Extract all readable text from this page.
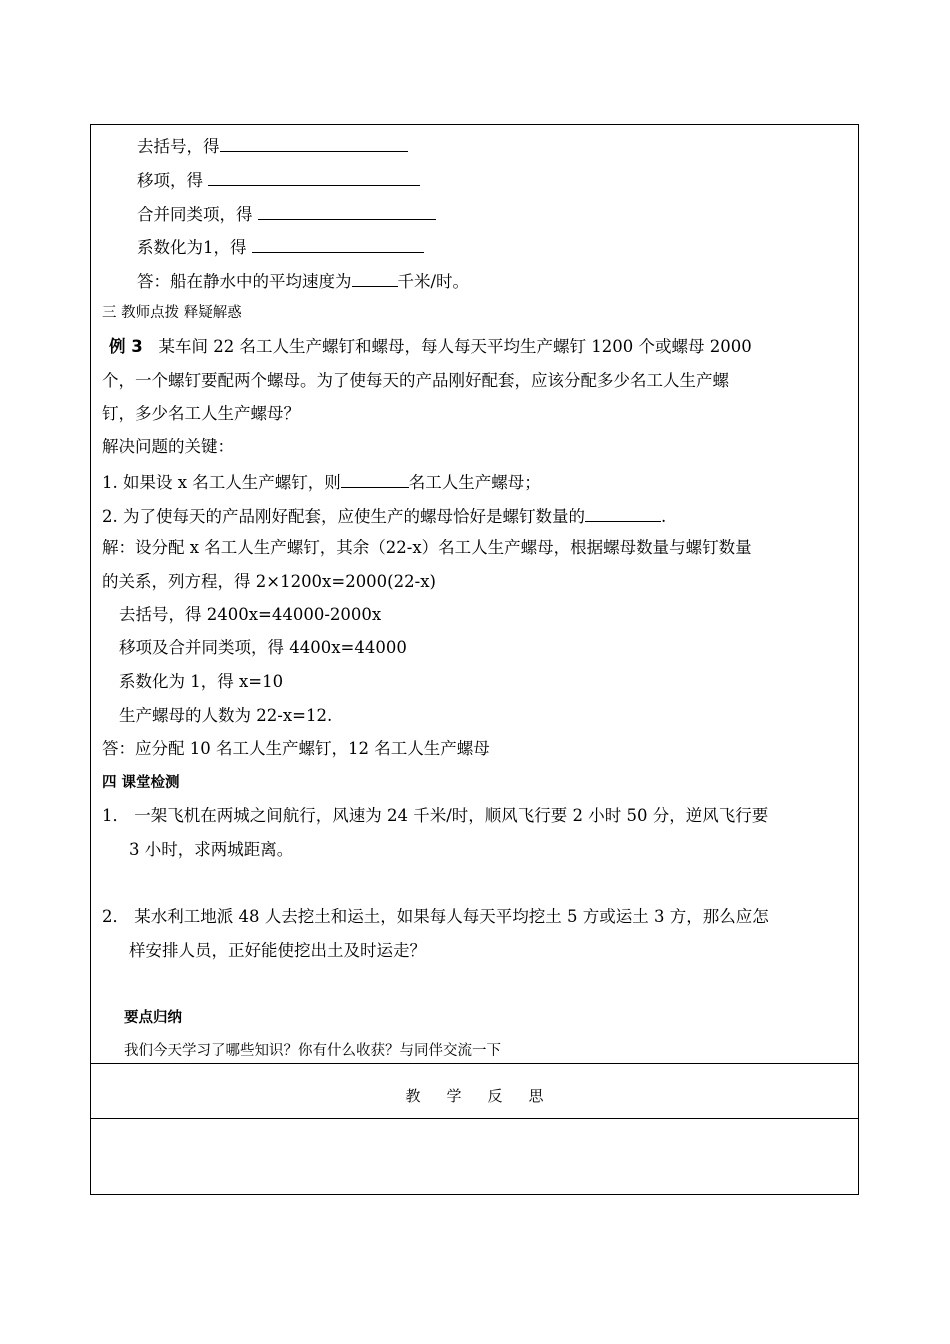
去括号，得
移项，得
合并同类项，得
系数化为1，得
答：船在静水中的平均速度为	千米/时。
三 教师点拨 释疑解惑
例 3 某车间 22 名工人生产螺钉和螺母，每人每天平均生产螺钉 1200 个或螺母 2000
个，一个螺钉要配两个螺母。为了使每天的产品刚好配套，应该分配多少名工人生产螺
钉，多少名工人生产螺母？
解决问题的关键：
1. 如果设 x 名工人生产螺钉，则	名工人生产螺母；
2. 为了使每天的产品刚好配套，应使生产的螺母恰好是螺钉数量的	.
解：设分配 x 名工人生产螺钉，其余（22-x）名工人生产螺母，根据螺母数量与螺钉数量
的关系，列方程，得 2×1200x=2000(22-x)
去括号，得 2400x=44000-2000x
移项及合并同类项，得 4400x=44000
系数化为 1，得 x=10
生产螺母的人数为 22-x=12.
答：应分配 10 名工人生产螺钉，12 名工人生产螺母
四 课堂检测
1． 一架飞机在两城之间航行，风速为 24 千米/时，顺风飞行要 2 小时 50 分，逆风飞行要
3 小时，求两城距离。
2． 某水利工地派 48 人去挖土和运土，如果每人每天平均挖土 5 方或运土 3 方，那么应怎
样安排人员，正好能使挖出土及时运走？
要点归纳
我们今天学习了哪些知识？你有什么收获？与同伴交流一下
教学反思
